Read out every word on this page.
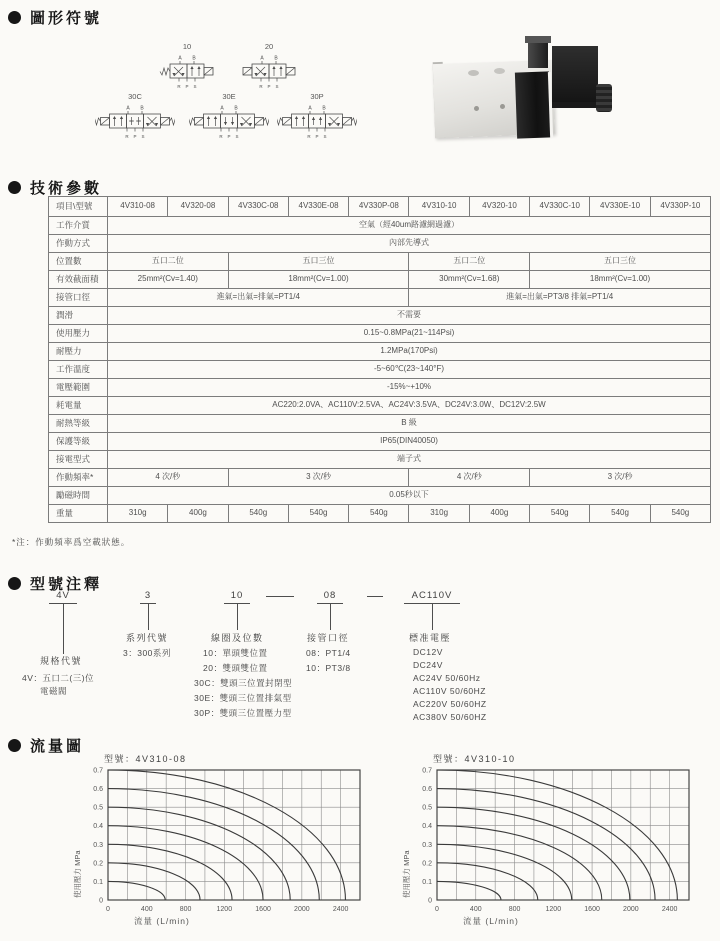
圖形符號
10
A B
R P S
20
A B
R P S
30C
A B
R P S
30E
A B
R P S
30P
A B
R P S
技術參數
項目\型號	4V310-08	4V320-08	4V330C-08	4V330E-08	4V330P-08	4V310-10	4V320-10	4V330C-10	4V330E-10	4V330P-10
工作介質	空氣（經40um路濾網過濾）									
作動方式	內部先導式									
位置數	五口二位		五口三位			五口二位		五口三位		
有效截面積	25mm²(Cv=1.40)		18mm²(Cv=1.00)			30mm²(Cv=1.68)		18mm²(Cv=1.00)		
接管口徑	進氣=出氣=排氣=PT1/4					進氣=出氣=PT3/8 排氣=PT1/4				
潤滑	不需要									
使用壓力	0.15~0.8MPa(21~114Psi)									
耐壓力	1.2MPa(170Psi)									
工作溫度	-5~60℃(23~140°F)									
電壓範圍	-15%~+10%									
耗電量	AC220:2.0VA、AC110V:2.5VA、AC24V:3.5VA、DC24V:3.0W、DC12V:2.5W									
耐熱等級	B 級									
保護等級	IP65(DIN40050)									
接電型式	端子式									
作動頻率*	4 次/秒		3 次/秒			4 次/秒		3 次/秒		
勵磁時間	0.05秒以下									
重量	310g	400g	540g	540g	540g	310g	400g	540g	540g	540g
*注：作動頻率爲空載狀態。
型號注釋
4V
規格代號
4V：五口二(三)位
電磁閥
3
系列代號
3：300系列
10
線圈及位數
10：單頭雙位置
20：雙頭雙位置
30C：雙頭三位置封閉型
30E：雙頭三位置排氣型
30P：雙頭三位置壓力型
08
接管口徑
08：PT1/4
10：PT3/8
AC110V
標准電壓
DC12V
DC24V
AC24V 50/60Hz
AC110V 50/60HZ
AC220V 50/60HZ
AC380V 50/60HZ
流量圖
型號：4V310-08
0
0.1
0.2
0.3
0.4
0.5
0.6
0.7
0	400	800	1200	1600	2000	2400
使用壓力 MPa
流量 (L/min)
型號：4V310-10
0
0.1
0.2
0.3
0.4
0.5
0.6
0.7
0	400	800	1200	1600	2000	2400
使用壓力 MPa
流量 (L/min)
